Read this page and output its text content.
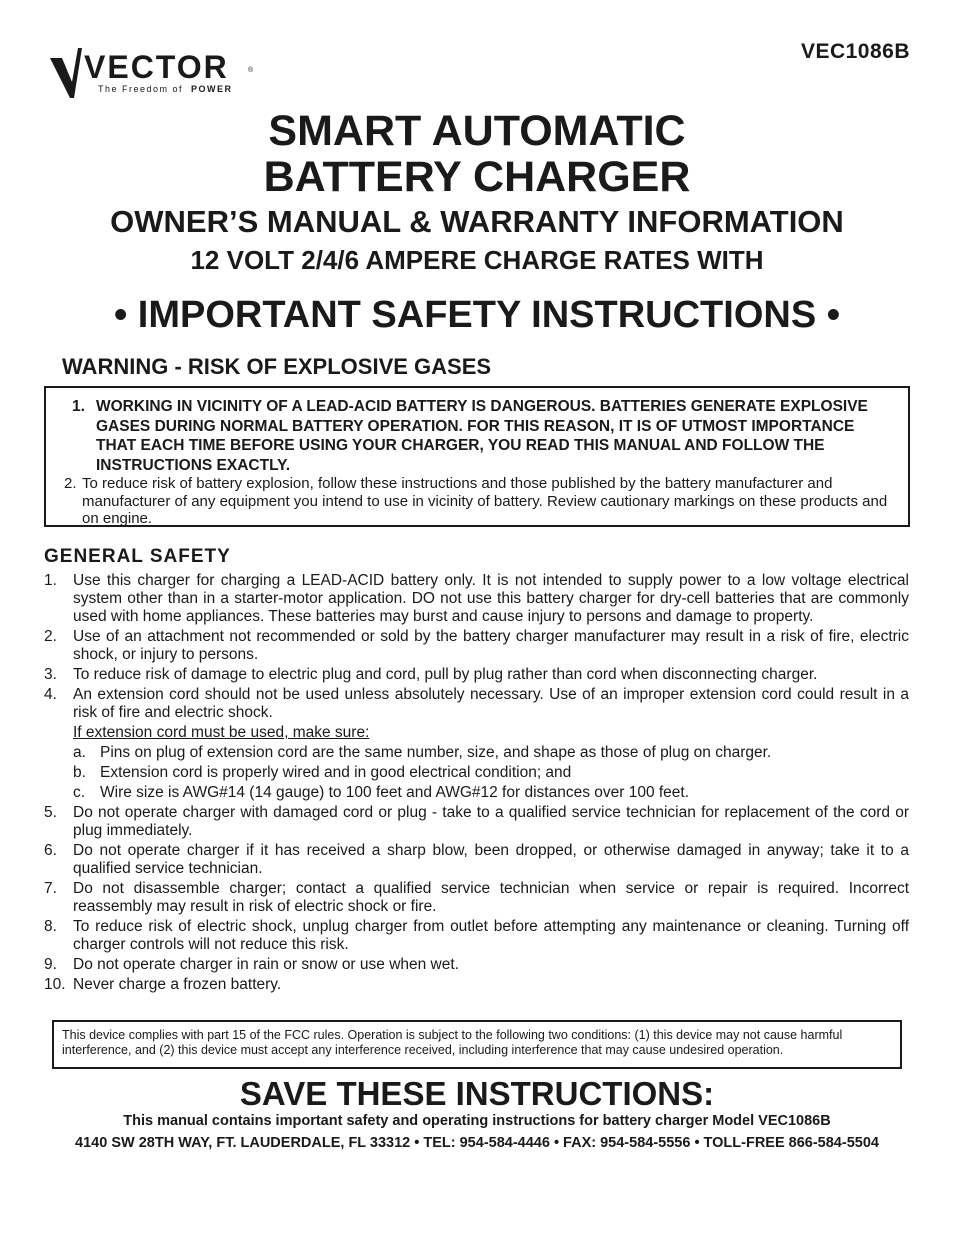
VECTOR
The Freedom of POWER
®
VEC1086B
SMART AUTOMATIC
BATTERY CHARGER
OWNER’S MANUAL & WARRANTY INFORMATION
12 VOLT 2/4/6 AMPERE CHARGE RATES WITH
• IMPORTANT SAFETY INSTRUCTIONS •
WARNING - RISK OF EXPLOSIVE GASES
1. WORKING IN VICINITY OF A LEAD-ACID BATTERY IS DANGEROUS. BATTERIES GENERATE EXPLOSIVE GASES DURING NORMAL BATTERY OPERATION. FOR THIS REASON, IT IS OF UTMOST IMPORTANCE THAT EACH TIME BEFORE USING YOUR CHARGER, YOU READ THIS MANUAL AND FOLLOW THE INSTRUCTIONS EXACTLY.
2. To reduce risk of battery explosion, follow these instructions and those published by the battery manufacturer and manufacturer of any equipment you intend to use in vicinity of battery. Review cautionary markings on these products and on engine.
GENERAL SAFETY
1. Use this charger for charging a LEAD-ACID battery only. It is not intended to supply power to a low voltage electrical system other than in a starter-motor application. DO not use this battery charger for dry-cell batteries that are commonly used with home appliances. These batteries may burst and cause injury to persons and damage to property.
2. Use of an attachment not recommended or sold by the battery charger manufacturer may result in a risk of fire, electric shock, or injury to persons.
3. To reduce risk of damage to electric plug and cord, pull by plug rather than cord when disconnecting charger.
4. An extension cord should not be used unless absolutely necessary. Use of an improper extension cord could result in a risk of fire and electric shock.
If extension cord must be used, make sure:
a. Pins on plug of extension cord are the same number, size, and shape as those of plug on charger.
b. Extension cord is properly wired and in good electrical condition; and
c. Wire size is AWG#14 (14 gauge) to 100 feet and AWG#12 for distances over 100 feet.
5. Do not operate charger with damaged cord or plug - take to a qualified service technician for replacement of the cord or plug immediately.
6. Do not operate charger if it has received a sharp blow, been dropped, or otherwise damaged in anyway; take it to a qualified service technician.
7. Do not disassemble charger; contact a qualified service technician when service or repair is required. Incorrect reassembly may result in risk of electric shock or fire.
8. To reduce risk of electric shock, unplug charger from outlet before attempting any maintenance or cleaning. Turning off charger controls will not reduce this risk.
9. Do not operate charger in rain or snow or use when wet.
10. Never charge a frozen battery.
This device complies with part 15 of the FCC rules. Operation is subject to the following two conditions: (1) this device may not cause harmful interference, and (2) this device must accept any interference received, including interference that may cause undesired operation.
SAVE THESE INSTRUCTIONS:
This manual contains important safety and operating instructions for battery charger Model VEC1086B
4140 SW 28TH WAY, FT. LAUDERDALE, FL 33312 • TEL: 954-584-4446 • FAX: 954-584-5556 • TOLL-FREE 866-584-5504
